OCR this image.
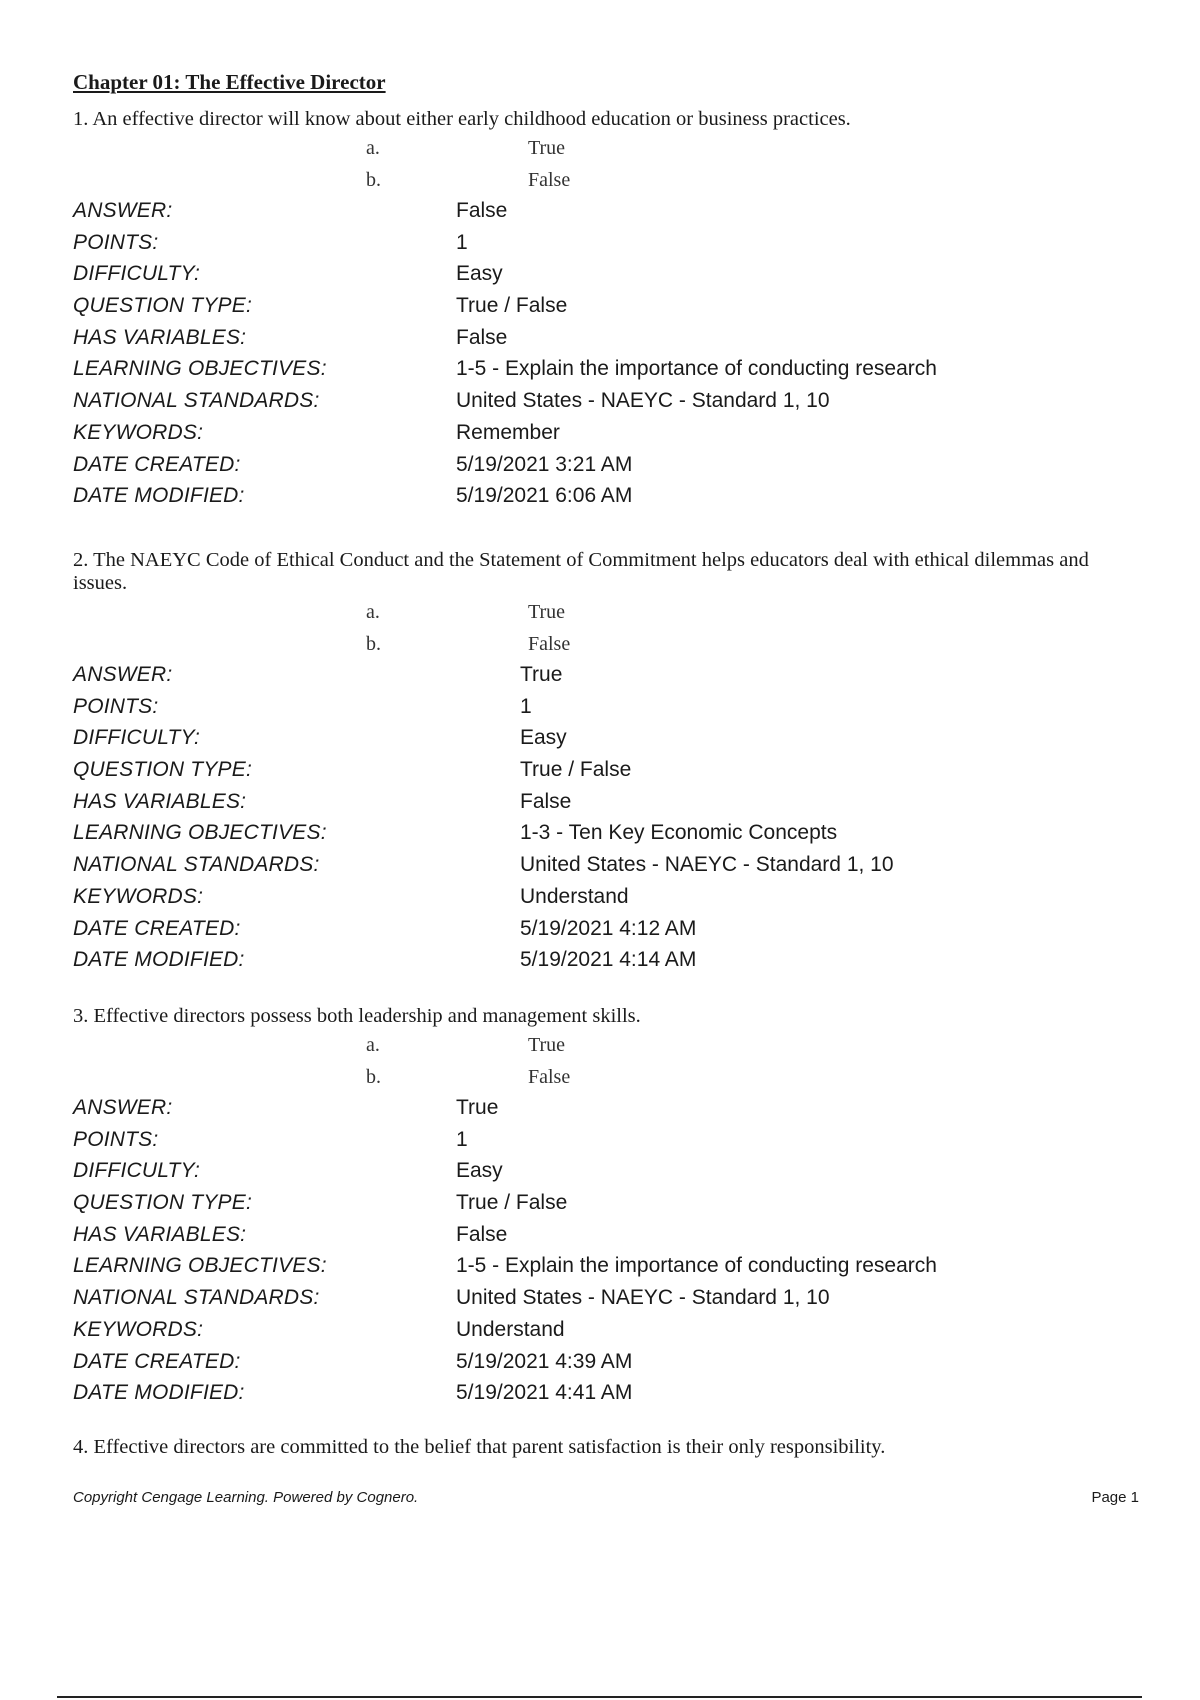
Chapter 01: The Effective Director

1. An effective director will know about either early childhood education or business practices.

a.	True
b.	False
ANSWER:	False
POINTS:	1
DIFFICULTY:	Easy
QUESTION TYPE:	True / False
HAS VARIABLES:	False
LEARNING OBJECTIVES:	1-5 - Explain the importance of conducting research
NATIONAL STANDARDS:	United States - NAEYC - Standard 1, 10
KEYWORDS:	Remember
DATE CREATED:	5/19/2021 3:21 AM
DATE MODIFIED:	5/19/2021 6:06 AM

2. The NAEYC Code of Ethical Conduct and the Statement of Commitment helps educators deal with ethical dilemmas and issues.

a.	True
b.	False
ANSWER:	True
POINTS:	1
DIFFICULTY:	Easy
QUESTION TYPE:	True / False
HAS VARIABLES:	False
LEARNING OBJECTIVES:	1-3 - Ten Key Economic Concepts
NATIONAL STANDARDS:	United States - NAEYC - Standard 1, 10
KEYWORDS:	Understand
DATE CREATED:	5/19/2021 4:12 AM
DATE MODIFIED:	5/19/2021 4:14 AM

3. Effective directors possess both leadership and management skills.

a.	True
b.	False
ANSWER:	True
POINTS:	1
DIFFICULTY:	Easy
QUESTION TYPE:	True / False
HAS VARIABLES:	False
LEARNING OBJECTIVES:	1-5 - Explain the importance of conducting research
NATIONAL STANDARDS:	United States - NAEYC - Standard 1, 10
KEYWORDS:	Understand
DATE CREATED:	5/19/2021 4:39 AM
DATE MODIFIED:	5/19/2021 4:41 AM

4. Effective directors are committed to the belief that parent satisfaction is their only responsibility.

Copyright Cengage Learning. Powered by Cognero.	Page 1
